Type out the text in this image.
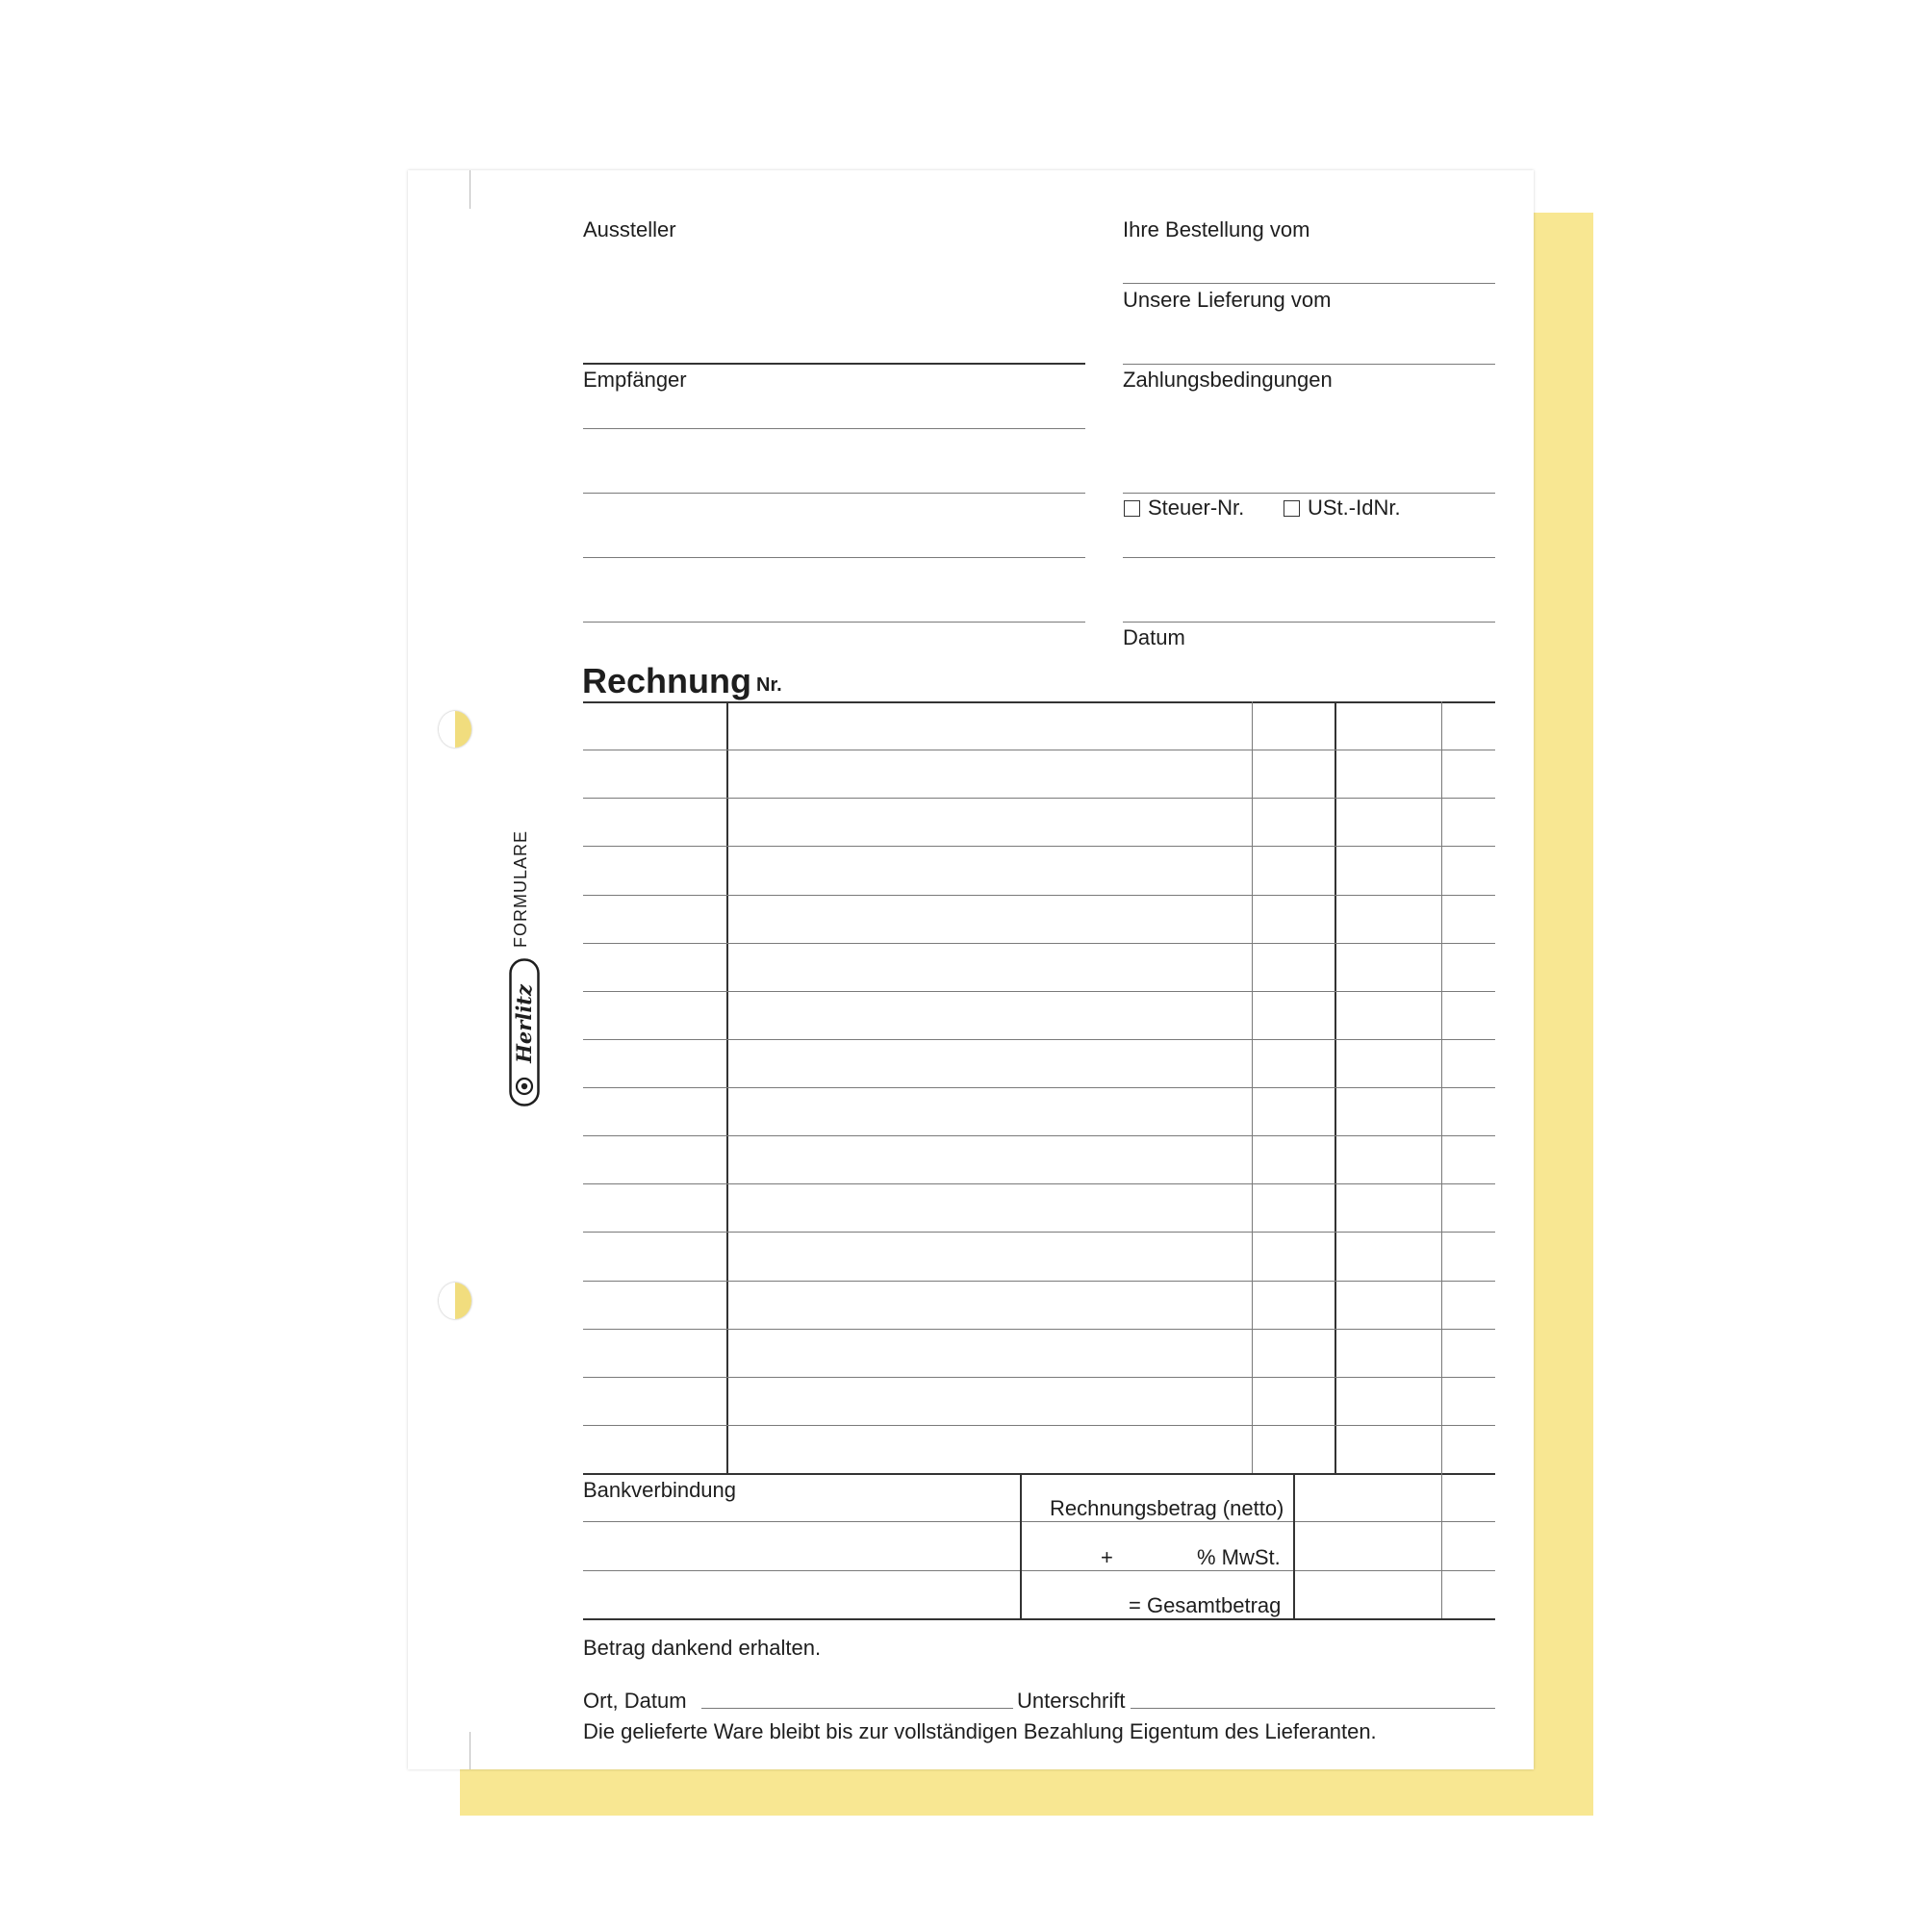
FORMULARE
Herlitz
Aussteller
Empfänger
Ihre Bestellung vom
Unsere Lieferung vom
Zahlungsbedingungen
Steuer-Nr.	USt.-IdNr.
Datum
Rechnung Nr.
Bankverbindung
Rechnungsbetrag (netto)
+	% MwSt.
= Gesamtbetrag
Betrag dankend erhalten.
Ort, Datum	Unterschrift
Die gelieferte Ware bleibt bis zur vollständigen Bezahlung Eigentum des Lieferanten.
